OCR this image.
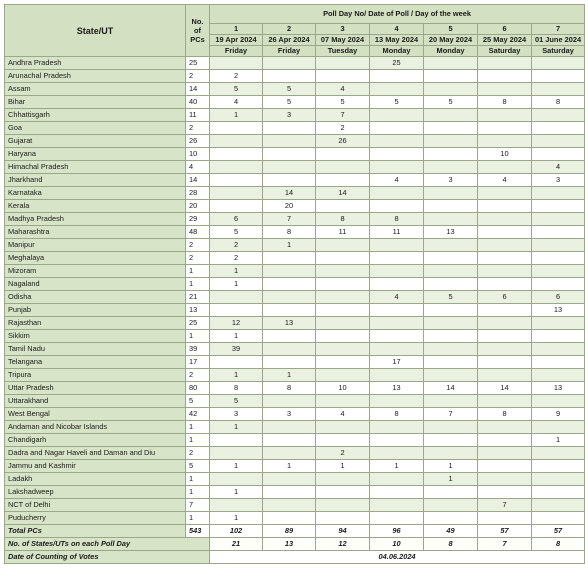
State/UT	No.
of
PCs	Poll Day No/ Date of Poll / Day of the week						
		1	2	3	4	5	6	7
		19 Apr 2024	26 Apr 2024	07 May 2024	13 May 2024	20 May 2024	25 May 2024	01 June 2024
		Friday	Friday	Tuesday	Monday	Monday	Saturday	Saturday
Andhra Pradesh	25				25			
Arunachal Pradesh	2	2						
Assam	14	5	5	4				
Bihar	40	4	5	5	5	5	8	8
Chhattisgarh	11	1	3	7				
Goa	2			2				
Gujarat	26			26				
Haryana	10						10	
Himachal Pradesh	4							4
Jharkhand	14				4	3	4	3
Karnataka	28		14	14				
Kerala	20		20					
Madhya Pradesh	29	6	7	8	8			
Maharashtra	48	5	8	11	11	13		
Manipur	2	2	1					
Meghalaya	2	2						
Mizoram	1	1						
Nagaland	1	1						
Odisha	21				4	5	6	6
Punjab	13							13
Rajasthan	25	12	13					
Sikkim	1	1						
Tamil Nadu	39	39						
Telangana	17				17			
Tripura	2	1	1					
Uttar Pradesh	80	8	8	10	13	14	14	13
Uttarakhand	5	5						
West Bengal	42	3	3	4	8	7	8	9
Andaman and Nicobar Islands	1	1						
Chandigarh	1							1
Dadra and Nagar Haveli and Daman and Diu	2			2				
Jammu and Kashmir	5	1	1	1	1	1		
Ladakh	1					1		
Lakshadweep	1	1						
NCT of Delhi	7						7	
Puducherry	1	1						
Total PCs	543	102	89	94	96	49	57	57
No. of States/UTs on each Poll Day		21	13	12	10	8	7	8
Date of Counting of Votes		04.06.2024						
